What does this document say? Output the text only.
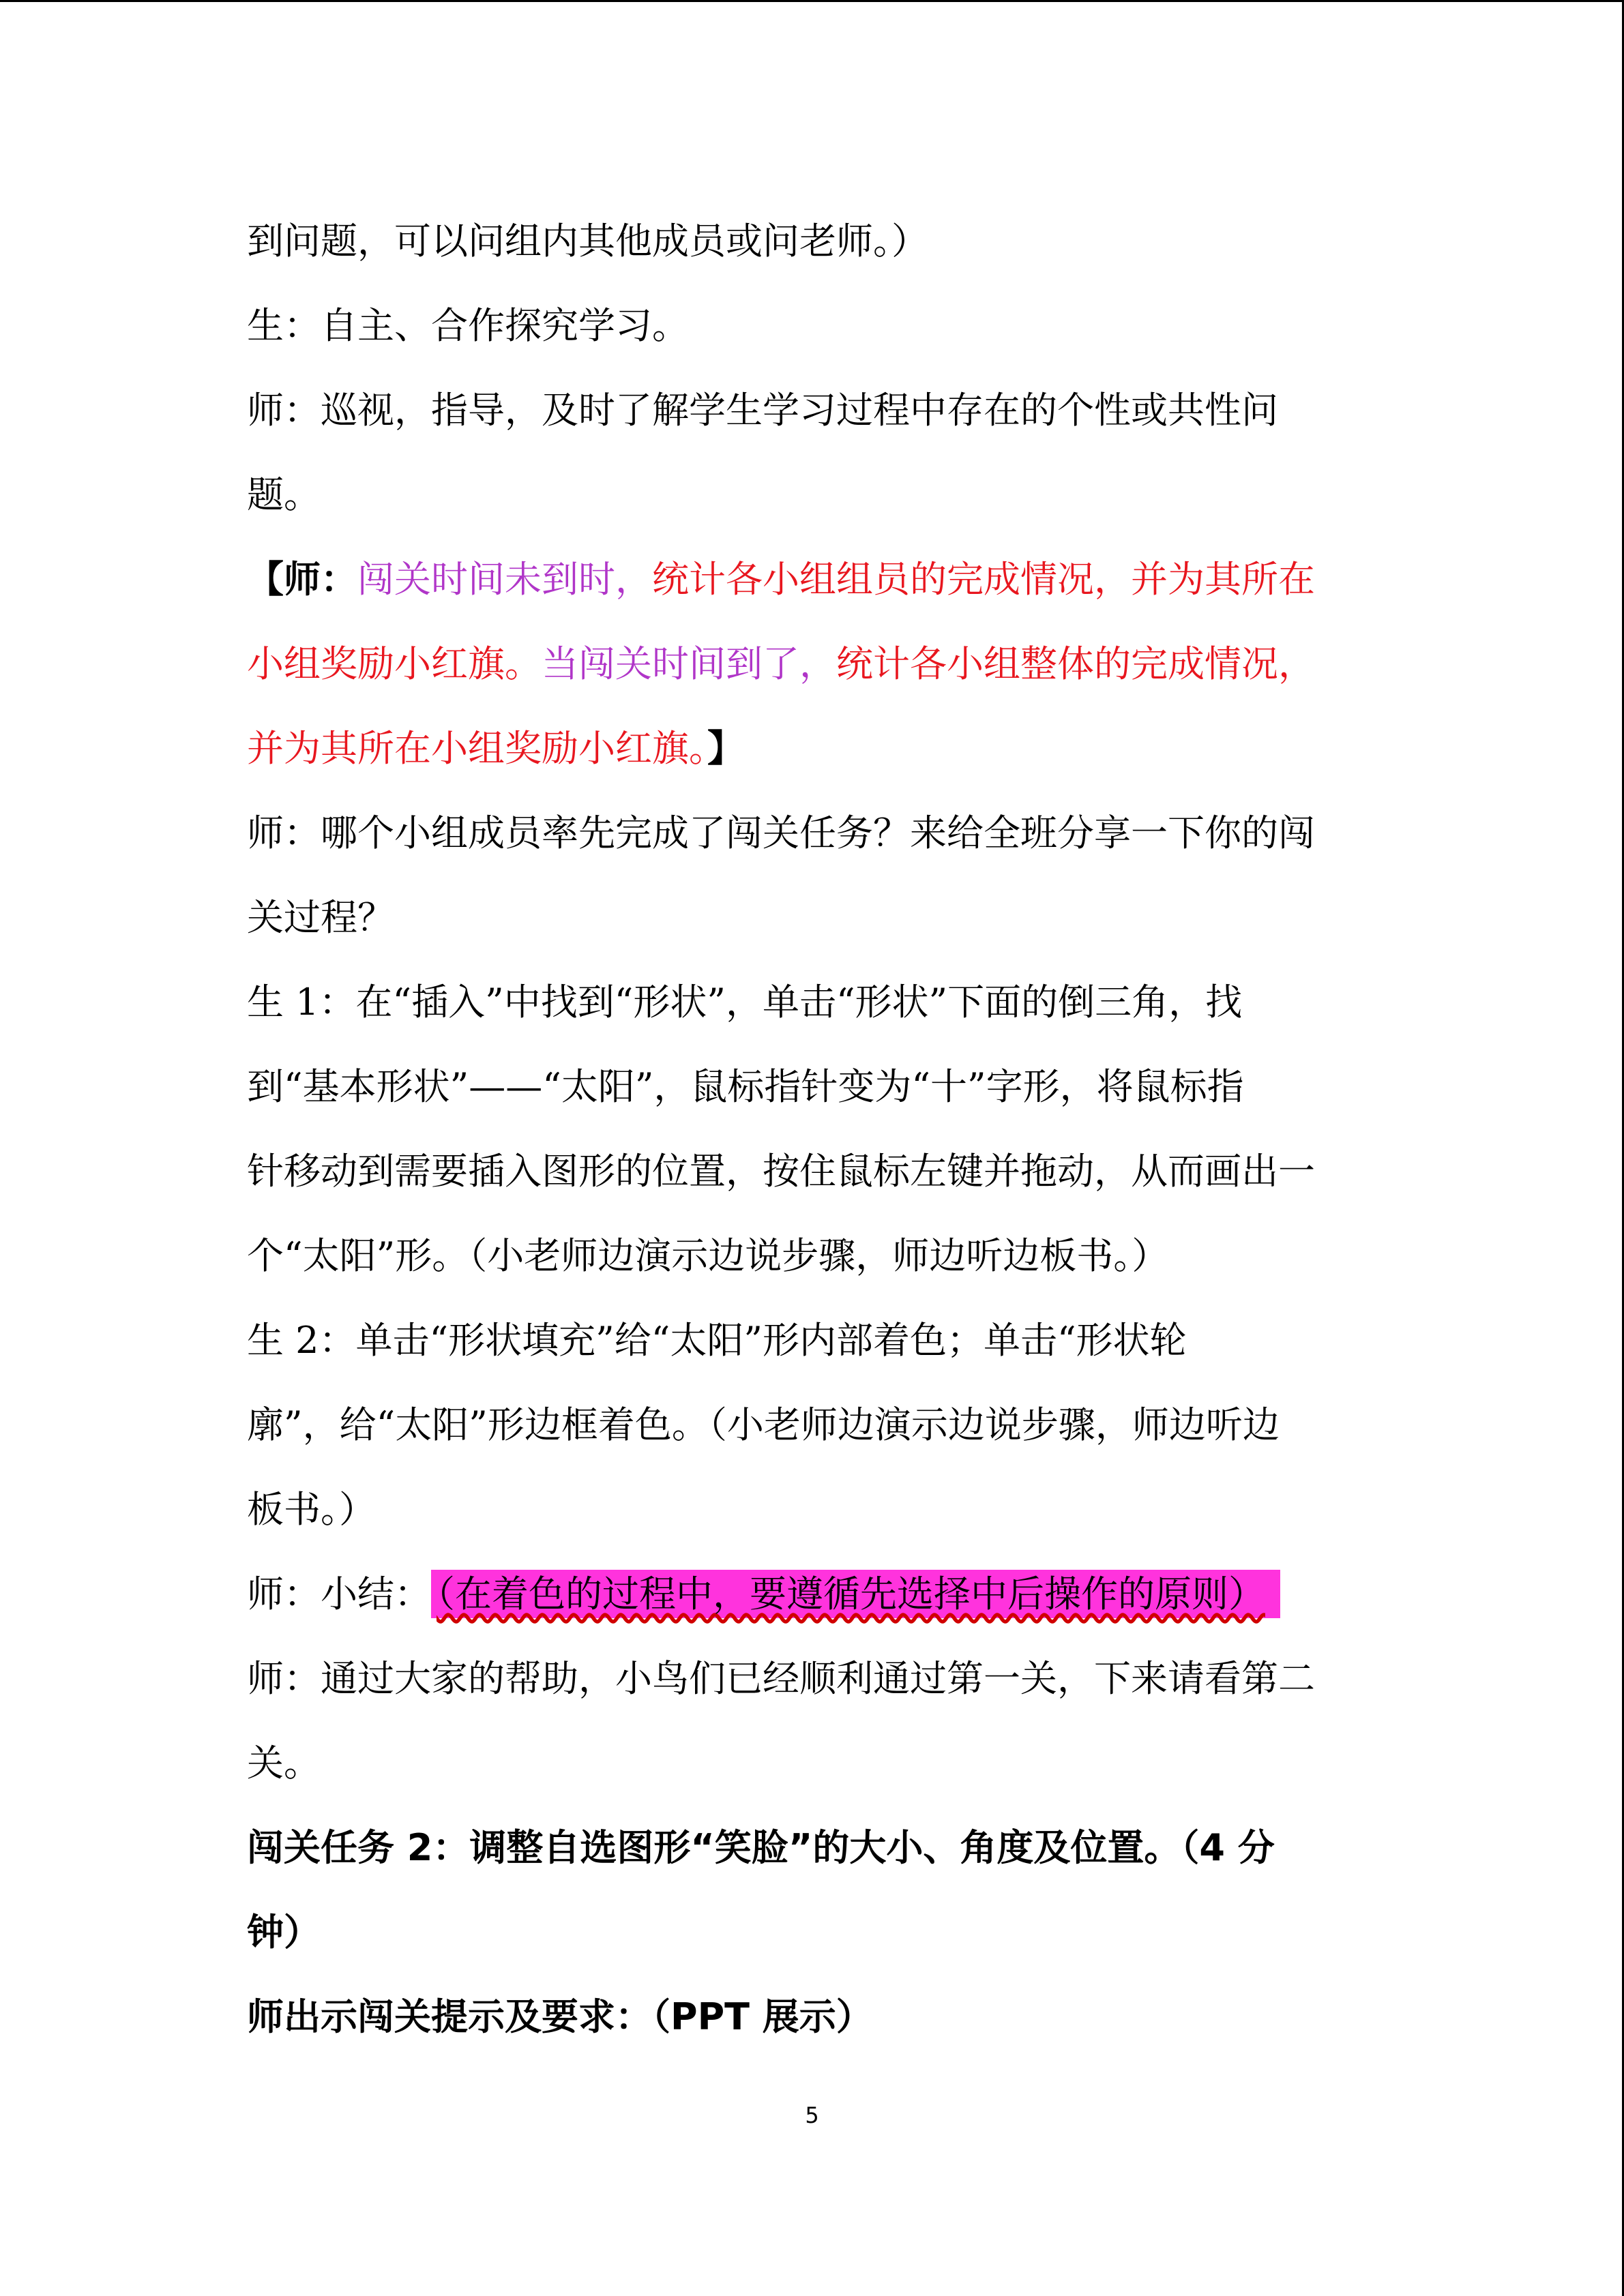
到问题，可以问组内其他成员或问老师。）

生：自主、合作探究学习。

师：巡视，指导，及时了解学生学习过程中存在的个性或共性问

题。

【师：闯关时间未到时，统计各小组组员的完成情况，并为其所在

小组奖励小红旗。当闯关时间到了，统计各小组整体的完成情况，

并为其所在小组奖励小红旗。】

师：哪个小组成员率先完成了闯关任务？来给全班分享一下你的闯

关过程？

生 1：在“插入”中找到“形状”，单击“形状”下面的倒三角，找

到“基本形状”——“太阳”，鼠标指针变为“十”字形，将鼠标指

针移动到需要插入图形的位置，按住鼠标左键并拖动，从而画出一

个“太阳”形。（小老师边演示边说步骤，师边听边板书。）

生 2：单击“形状填充”给“太阳”形内部着色；单击“形状轮

廓”，给“太阳”形边框着色。（小老师边演示边说步骤，师边听边

板书。）

师：小结： （在着色的过程中，要遵循先选择中后操作的原则）

师：通过大家的帮助，小鸟们已经顺利通过第一关，下来请看第二

关。

闯关任务 2：调整自选图形“笑脸”的大小、角度及位置。（4 分

钟）

师出示闯关提示及要求：（PPT 展示）

5
